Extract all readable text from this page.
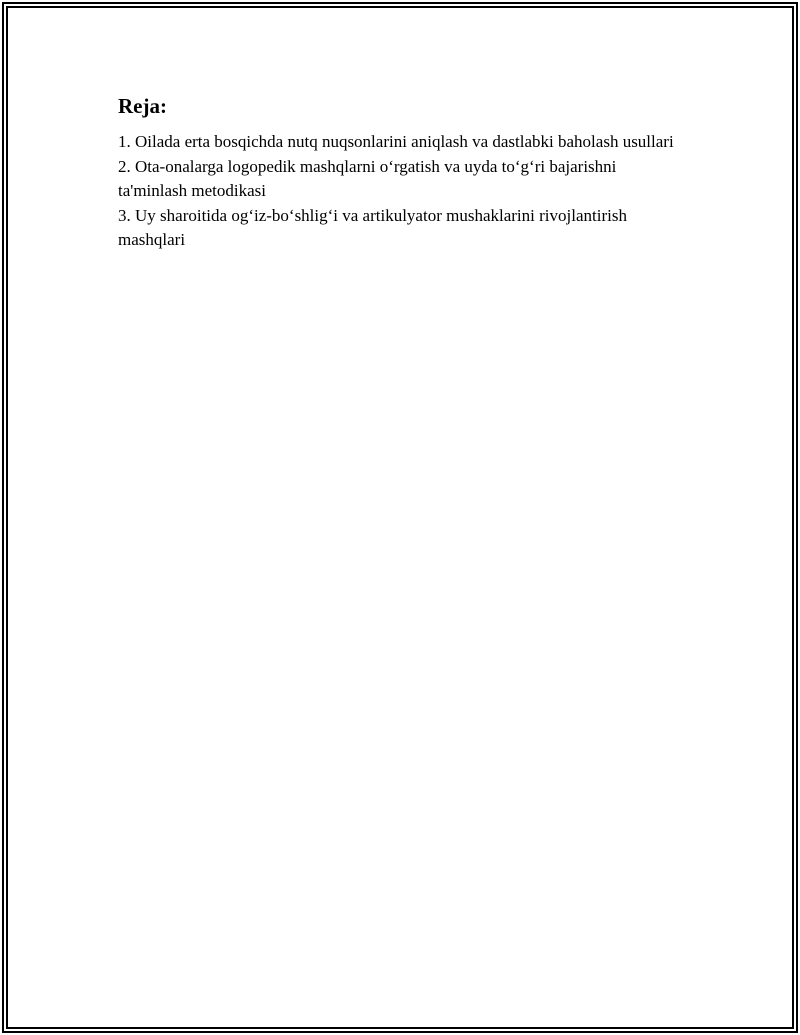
Reja:
1. Oilada erta bosqichda nutq nuqsonlarini aniqlash va dastlabki baholash usullari
2. Ota-onalarga logopedik mashqlarni oʻrgatish va uyda toʻgʻri bajarishni ta'minlash metodikasi
3. Uy sharoitida ogʻiz-boʻshligʻi va artikulyator mushaklarini rivojlantirish mashqlari
